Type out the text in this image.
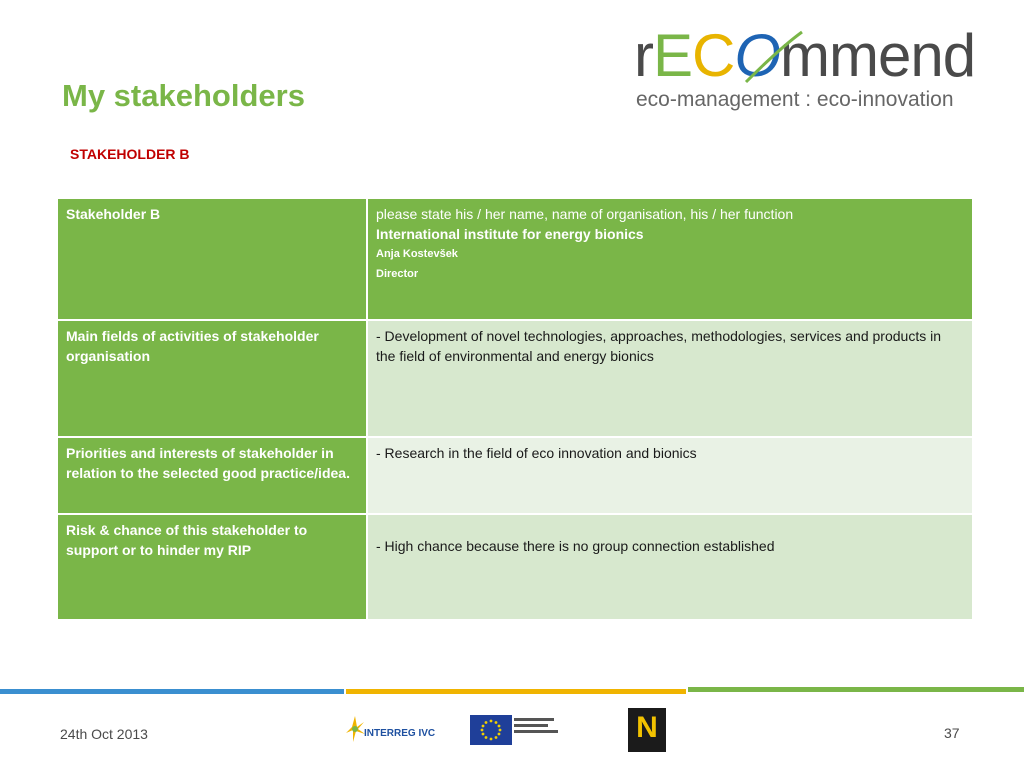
My stakeholders
STAKEHOLDER B
rECOmmend
eco-management : eco-innovation
Stakeholder B	please state his / her name, name of organisation, his / her function
International institute for energy bionics
Anja Kostevšek
Director

Main fields of activities of stakeholder organisation	- Development of novel technologies, approaches, methodologies, services and products in the field of environmental and energy bionics
Priorities and interests of stakeholder in relation to the selected good practice/idea.	- Research in the field of eco innovation and bionics
Risk & chance of this stakeholder to support or to hinder my RIP	- High chance because there is no group connection established
24th Oct 2013	INTERREG IVC	N	37
